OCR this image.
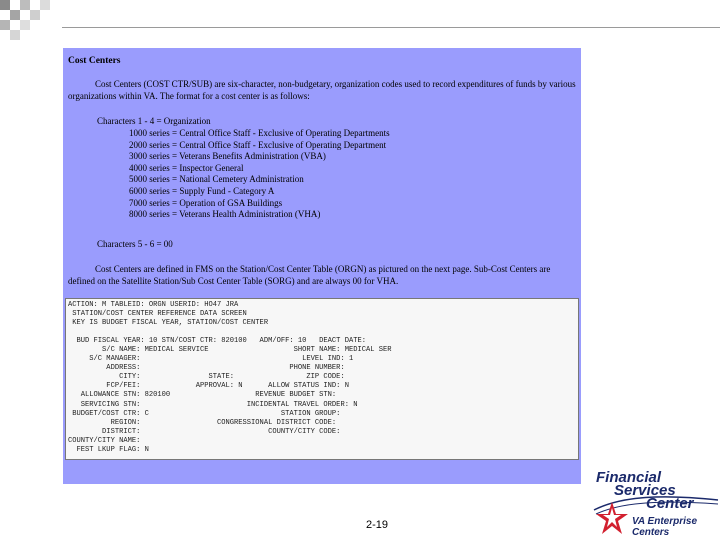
Cost Centers
Cost Centers (COST CTR/SUB) are six-character, non-budgetary, organization codes used to record expenditures of funds by various organizations within VA. The format for a cost center is as follows:
Characters 1 - 4 = Organization
1000 series = Central Office Staff - Exclusive of Operating Departments
2000 series = Central Office Staff - Exclusive of Operating Department
3000 series = Veterans Benefits Administration (VBA)
4000 series = Inspector General
5000 series = National Cemetery Administration
6000 series = Supply Fund - Category A
7000 series = Operation of GSA Buildings
8000 series = Veterans Health Administration (VHA)
Characters 5 - 6 = 00
Cost Centers are defined in FMS on the Station/Cost Center Table (ORGN) as pictured on the next page. Sub-Cost Centers are defined on the Satellite Station/Sub Cost Center Table (SORG) and are always 00 for VHA.
ACTION: M TABLEID: ORGN USERID: HO47 JRA
STATION/COST CENTER REFERENCE DATA SCREEN
KEY IS BUDGET FISCAL YEAR, STATION/COST CENTER

BUD FISCAL YEAR: 10 STN/COST CTR: 820100   ADM/OFF: 10   DEACT DATE:
S/C NAME: MEDICAL SERVICE                    SHORT NAME: MEDICAL SER
S/C MANAGER:                                      LEVEL IND: 1
ADDRESS:                                   PHONE NUMBER:
CITY:                STATE:                 ZIP CODE:
FCP/FEI:             APPROVAL: N      ALLOW STATUS IND: N
ALLOWANCE STN: 820100                    REVENUE BUDGET STN:
SERVICING STN:                         INCIDENTAL TRAVEL ORDER: N
BUDGET/COST CTR: C                               STATION GROUP:
REGION:                  CONGRESSIONAL DISTRICT CODE:
DISTRICT:                              COUNTY/CITY CODE:
COUNTY/CITY NAME:
FEST LKUP FLAG: N
2-19
Financial
Services
Center
VA Enterprise
Centers
